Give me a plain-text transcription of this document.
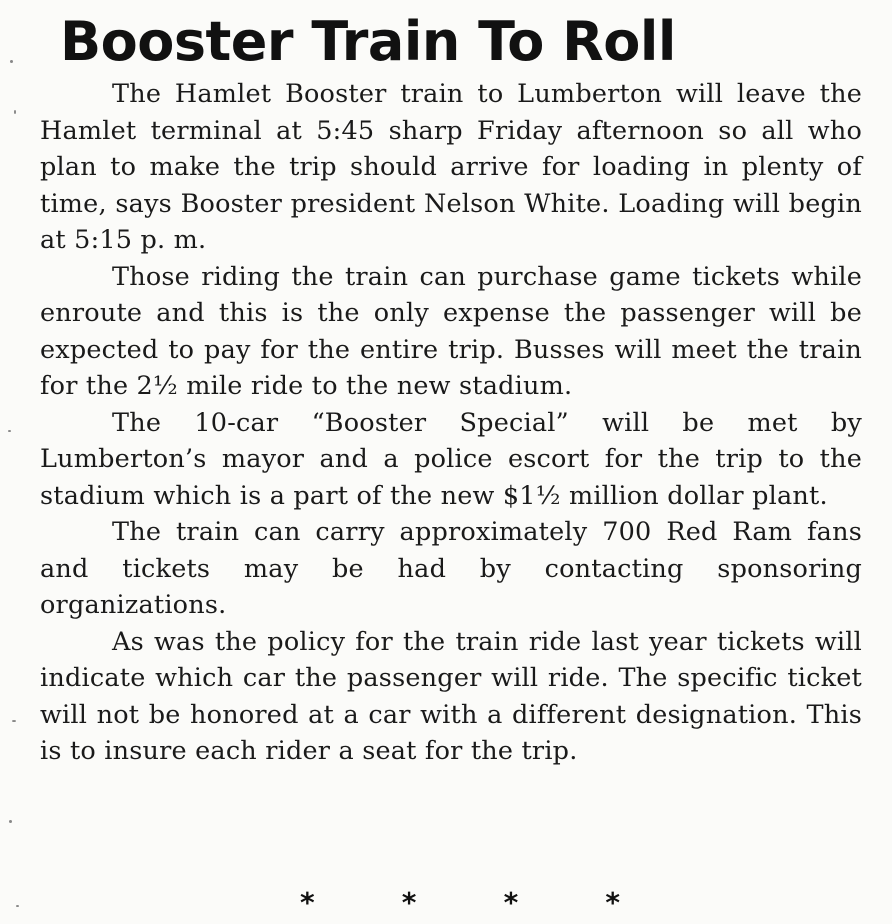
Booster Train To Roll

The Hamlet Booster train to Lumberton will leave the Hamlet terminal at 5:45 sharp Friday afternoon so all who plan to make the trip should arrive for loading in plenty of time, says Booster president Nelson White. Loading will begin at 5:15 p. m.

Those riding the train can purchase game tickets while enroute and this is the only expense the passenger will be expected to pay for the entire trip. Busses will meet the train for the 2½ mile ride to the new stadium.

The 10-car “Booster Special” will be met by Lumberton’s mayor and a police escort for the trip to the stadium which is a part of the new $1½ million dollar plant.

The train can carry approximately 700 Red Ram fans and tickets may be had by contacting sponsoring organizations.

As was the policy for the train ride last year tickets will indicate which car the passenger will ride. The specific ticket will not be honored at a car with a different designation. This is to insure each rider a seat for the trip.

*	*	*	*
